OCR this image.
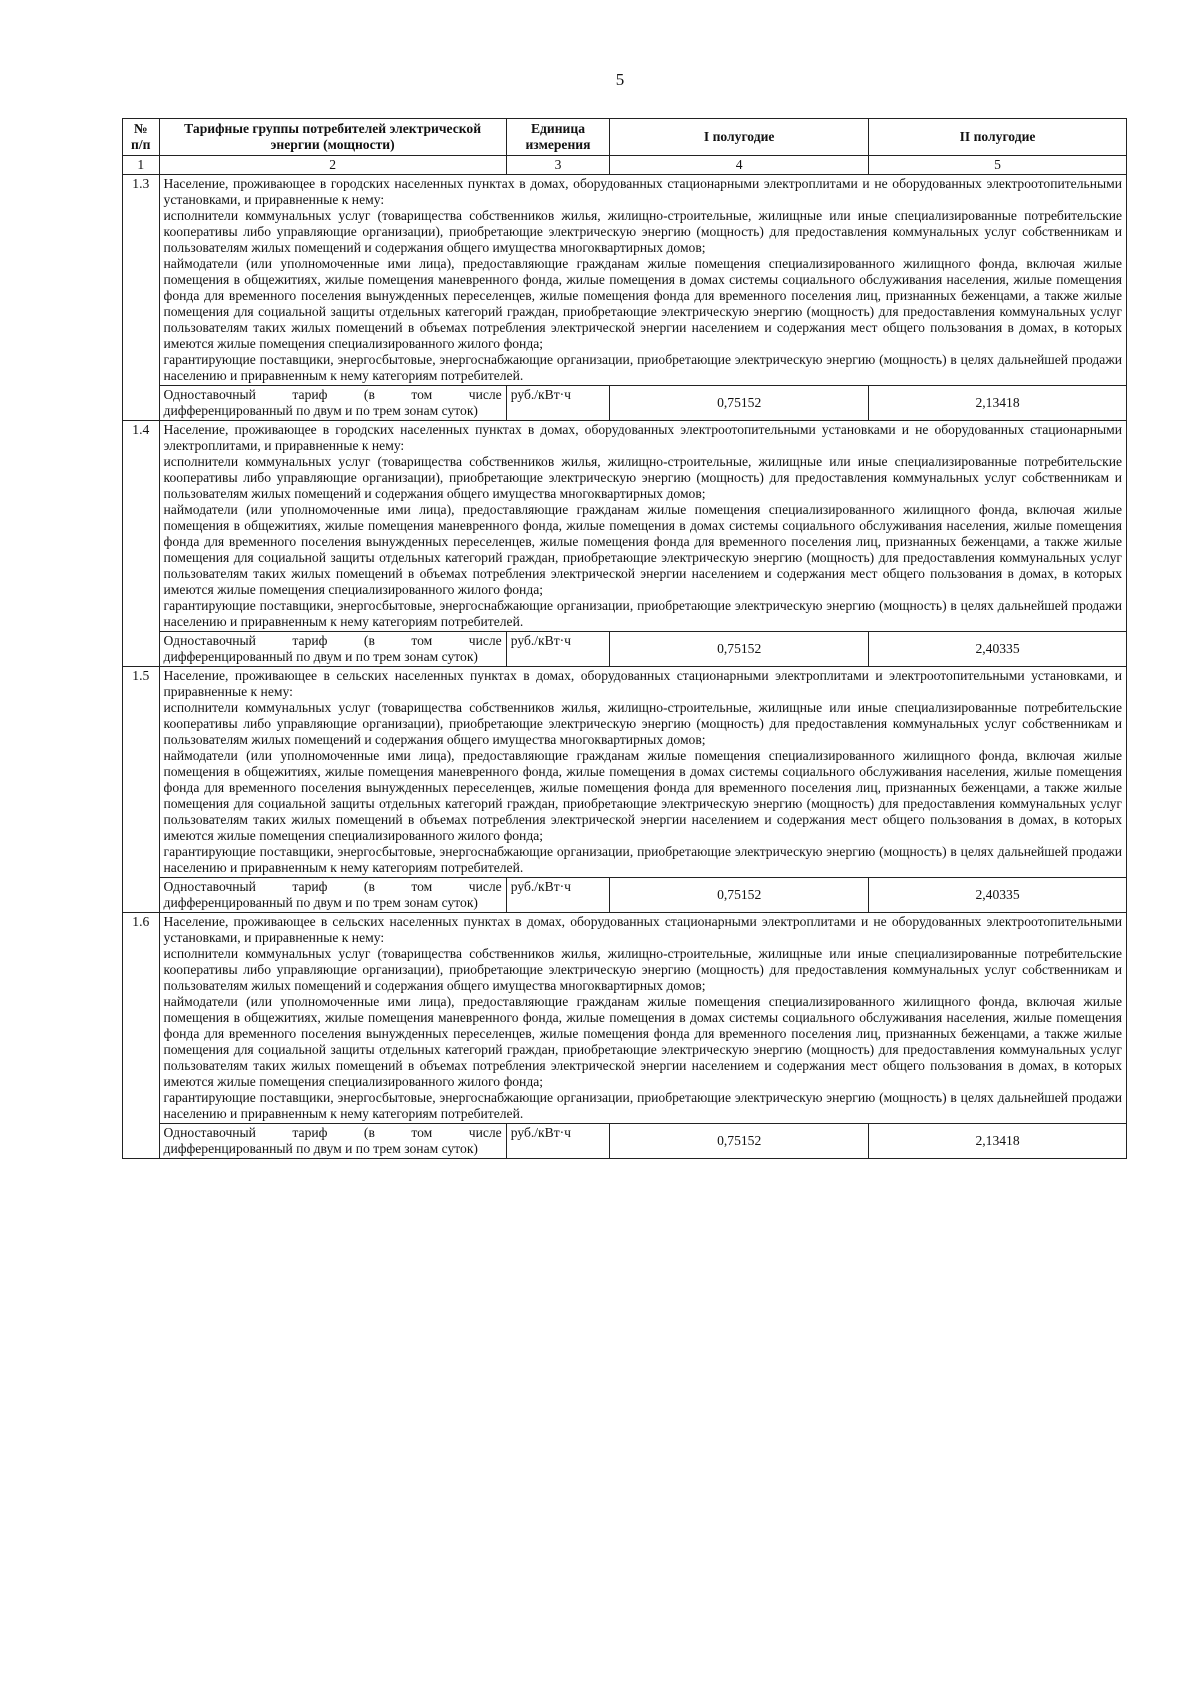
5
№ п/п	Тарифные группы потребителей электрической энергии (мощности)	Единица измерения	I полугодие	II полугодие
1	2	3	4	5
1.3	Население, проживающее в городских населенных пунктах в домах, оборудованных стационарными электроплитами и не оборудованных электроотопительными установками, и приравненные к нему:

исполнители коммунальных услуг (товарищества собственников жилья, жилищно-строительные, жилищные или иные специализированные потребительские кооперативы либо управляющие организации), приобретающие электрическую энергию (мощность) для предоставления коммунальных услуг собственникам и пользователям жилых помещений и содержания общего имущества многоквартирных домов;

наймодатели (или уполномоченные ими лица), предоставляющие гражданам жилые помещения специализированного жилищного фонда, включая жилые помещения в общежитиях, жилые помещения маневренного фонда, жилые помещения в домах системы социального обслуживания населения, жилые помещения фонда для временного поселения вынужденных переселенцев, жилые помещения фонда для временного поселения лиц, признанных беженцами, а также жилые помещения для социальной защиты отдельных категорий граждан, приобретающие электрическую энергию (мощность) для предоставления коммунальных услуг пользователям таких жилых помещений в объемах потребления электрической энергии населением и содержания мест общего пользования в домах, в которых имеются жилые помещения специализированного жилого фонда;

гарантирующие поставщики, энергосбытовые, энергоснабжающие организации, приобретающие электрическую энергию (мощность) в целях дальнейшей продажи населению и приравненным к нему категориям потребителей.			

	Одноставочный тариф (в том числе дифференцированный по двум и по трем зонам суток)	руб./кВт·ч	0,75152	2,13418
1.4	Население, проживающее в городских населенных пунктах в домах, оборудованных электроотопительными установками и не оборудованных стационарными электроплитами, и приравненные к нему:

исполнители коммунальных услуг (товарищества собственников жилья, жилищно-строительные, жилищные или иные специализированные потребительские кооперативы либо управляющие организации), приобретающие электрическую энергию (мощность) для предоставления коммунальных услуг собственникам и пользователям жилых помещений и содержания общего имущества многоквартирных домов;

наймодатели (или уполномоченные ими лица), предоставляющие гражданам жилые помещения специализированного жилищного фонда, включая жилые помещения в общежитиях, жилые помещения маневренного фонда, жилые помещения в домах системы социального обслуживания населения, жилые помещения фонда для временного поселения вынужденных переселенцев, жилые помещения фонда для временного поселения лиц, признанных беженцами, а также жилые помещения для социальной защиты отдельных категорий граждан, приобретающие электрическую энергию (мощность) для предоставления коммунальных услуг пользователям таких жилых помещений в объемах потребления электрической энергии населением и содержания мест общего пользования в домах, в которых имеются жилые помещения специализированного жилого фонда;

гарантирующие поставщики, энергосбытовые, энергоснабжающие организации, приобретающие электрическую энергию (мощность) в целях дальнейшей продажи населению и приравненным к нему категориям потребителей.			

	Одноставочный тариф (в том числе дифференцированный по двум и по трем зонам суток)	руб./кВт·ч	0,75152	2,40335
1.5	Население, проживающее в сельских населенных пунктах в домах, оборудованных стационарными электроплитами и электроотопительными установками, и приравненные к нему:

исполнители коммунальных услуг (товарищества собственников жилья, жилищно-строительные, жилищные или иные специализированные потребительские кооперативы либо управляющие организации), приобретающие электрическую энергию (мощность) для предоставления коммунальных услуг собственникам и пользователям жилых помещений и содержания общего имущества многоквартирных домов;

наймодатели (или уполномоченные ими лица), предоставляющие гражданам жилые помещения специализированного жилищного фонда, включая жилые помещения в общежитиях, жилые помещения маневренного фонда, жилые помещения в домах системы социального обслуживания населения, жилые помещения фонда для временного поселения вынужденных переселенцев, жилые помещения фонда для временного поселения лиц, признанных беженцами, а также жилые помещения для социальной защиты отдельных категорий граждан, приобретающие электрическую энергию (мощность) для предоставления коммунальных услуг пользователям таких жилых помещений в объемах потребления электрической энергии населением и содержания мест общего пользования в домах, в которых имеются жилые помещения специализированного жилого фонда;

гарантирующие поставщики, энергосбытовые, энергоснабжающие организации, приобретающие электрическую энергию (мощность) в целях дальнейшей продажи населению и приравненным к нему категориям потребителей.			

	Одноставочный тариф (в том числе дифференцированный по двум и по трем зонам суток)	руб./кВт·ч	0,75152	2,40335
1.6	Население, проживающее в сельских населенных пунктах в домах, оборудованных стационарными электроплитами и не оборудованных электроотопительными установками, и приравненные к нему:

исполнители коммунальных услуг (товарищества собственников жилья, жилищно-строительные, жилищные или иные специализированные потребительские кооперативы либо управляющие организации), приобретающие электрическую энергию (мощность) для предоставления коммунальных услуг собственникам и пользователям жилых помещений и содержания общего имущества многоквартирных домов;

наймодатели (или уполномоченные ими лица), предоставляющие гражданам жилые помещения специализированного жилищного фонда, включая жилые помещения в общежитиях, жилые помещения маневренного фонда, жилые помещения в домах системы социального обслуживания населения, жилые помещения фонда для временного поселения вынужденных переселенцев, жилые помещения фонда для временного поселения лиц, признанных беженцами, а также жилые помещения для социальной защиты отдельных категорий граждан, приобретающие электрическую энергию (мощность) для предоставления коммунальных услуг пользователям таких жилых помещений в объемах потребления электрической энергии населением и содержания мест общего пользования в домах, в которых имеются жилые помещения специализированного жилого фонда;

гарантирующие поставщики, энергосбытовые, энергоснабжающие организации, приобретающие электрическую энергию (мощность) в целях дальнейшей продажи населению и приравненным к нему категориям потребителей.			

	Одноставочный тариф (в том числе дифференцированный по двум и по трем зонам суток)	руб./кВт·ч	0,75152	2,13418
